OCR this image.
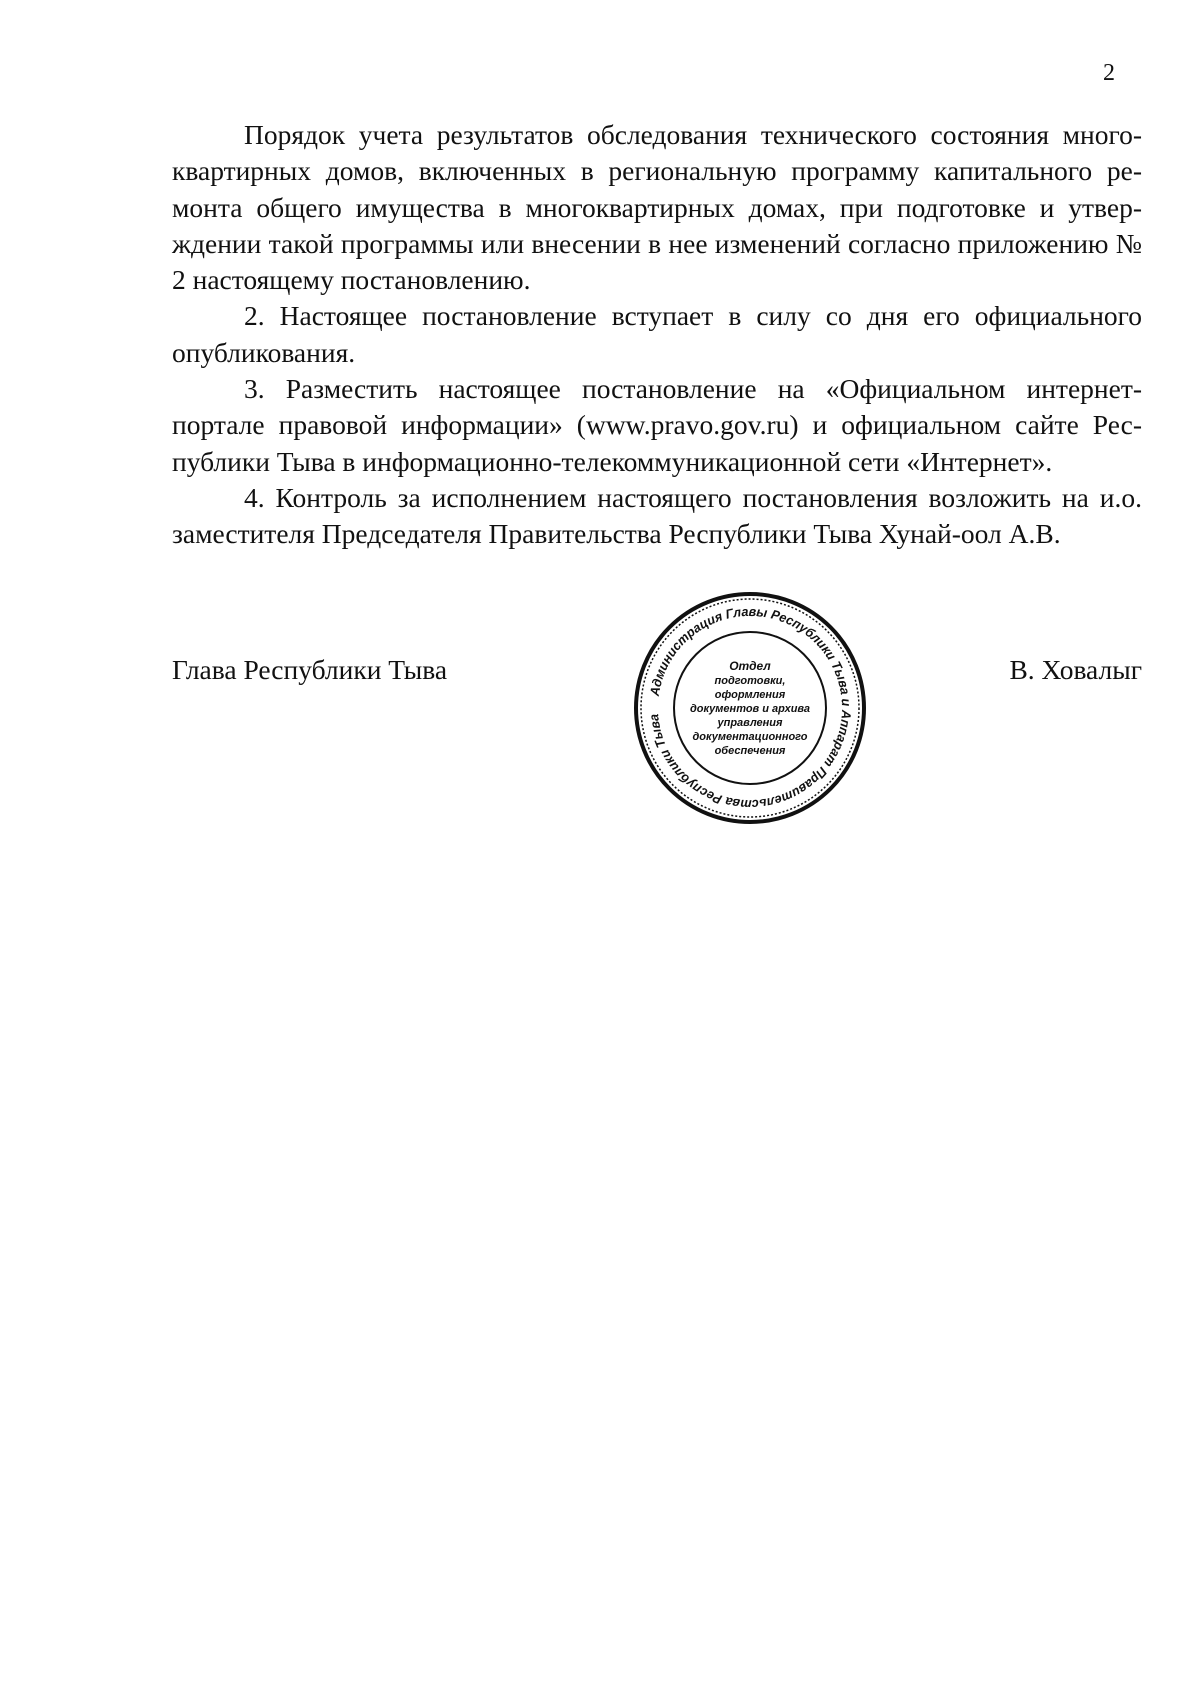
2

Порядок учета результатов обследования технического состояния много-квартирных домов, включенных в региональную программу капитального ре-монта общего имущества в многоквартирных домах, при подготовке и утвер-ждении такой программы или внесении в нее изменений согласно приложению № 2 настоящему постановлению.

2. Настоящее постановление вступает в силу со дня его официального опубликования.

3. Разместить настоящее постановление на «Официальном интернет-портале правовой информации» (www.pravo.gov.ru) и официальном сайте Рес-публики Тыва в информационно-телекоммуникационной сети «Интернет».

4. Контроль за исполнением настоящего постановления возложить на и.о. заместителя Председателя Правительства Республики Тыва Хунай-оол А.В.

Глава Республики Тыва	В. Ховалыг
Администрация Главы Республики Тыва и Аппарат Правительства Республики Тыва
Отдел
подготовки,
оформления
документов и архива
управления
документационного
обеспечения
